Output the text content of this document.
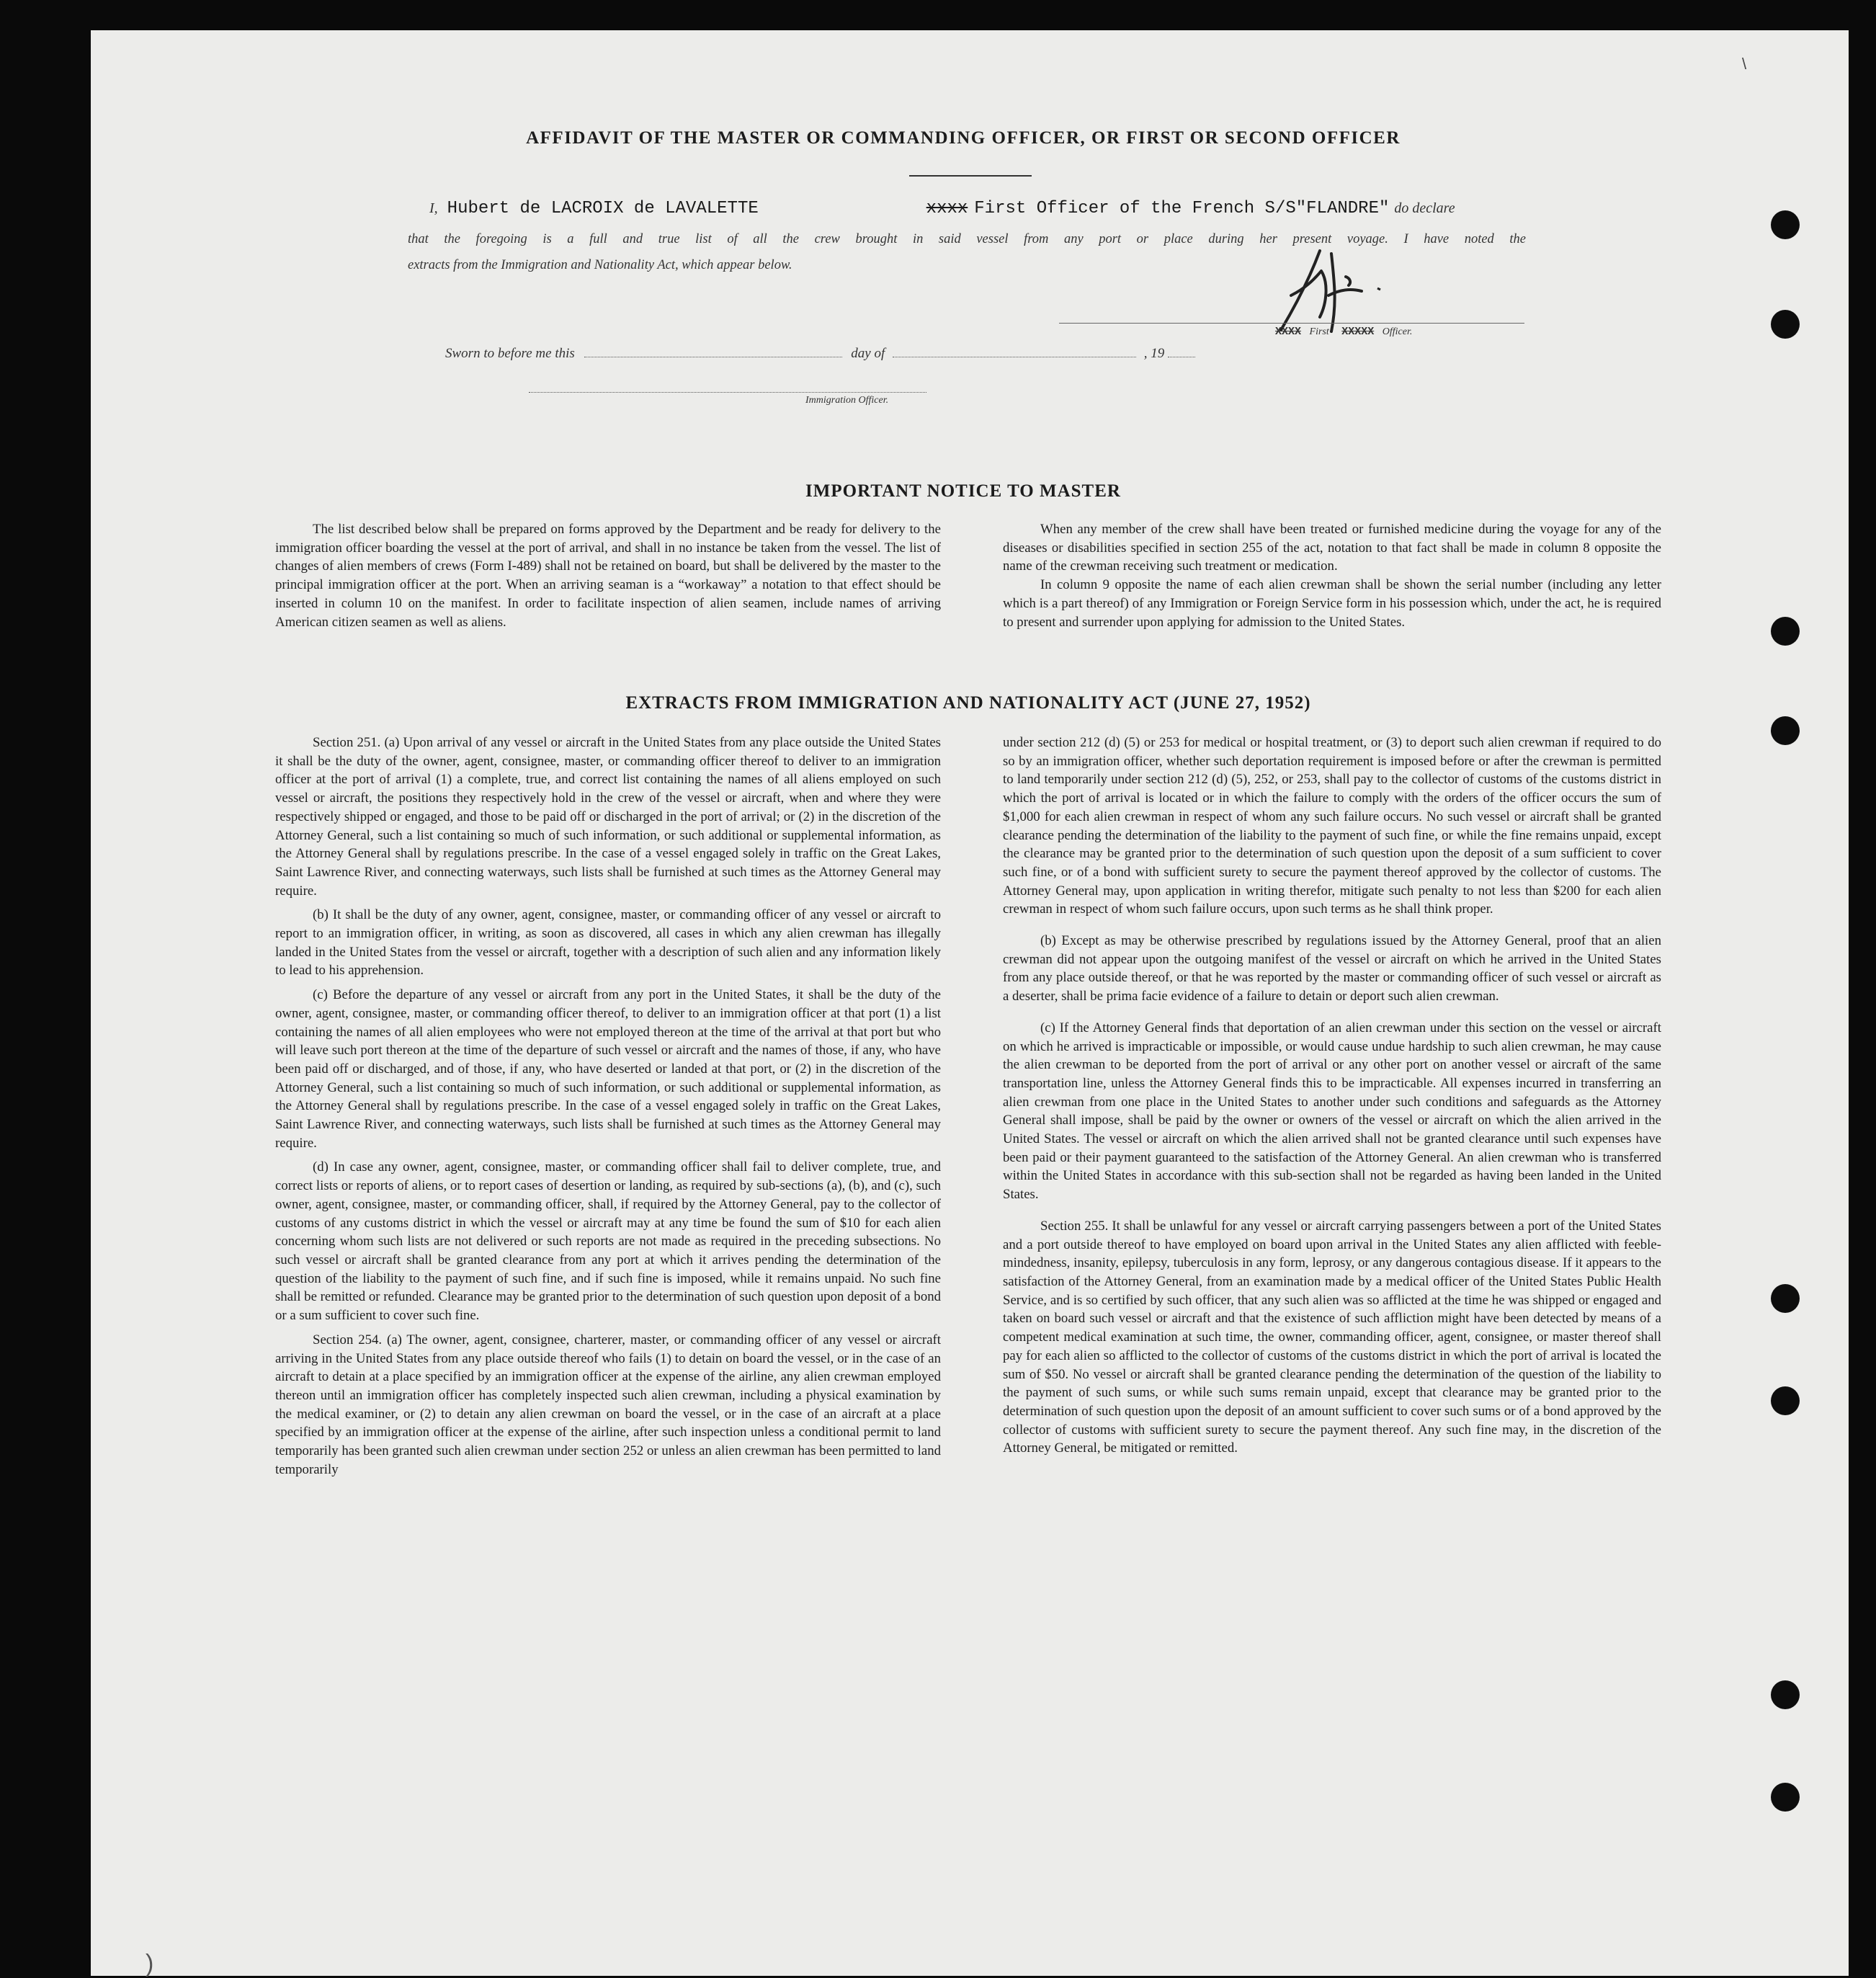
\
)
AFFIDAVIT OF THE MASTER OR COMMANDING OFFICER, OR FIRST OR SECOND OFFICER
I, Hubert de LACROIX de LAVALETTE	xxxx First Officer of the French S/S"FLANDRE" do declare
that the foregoing is a full and true list of all the crew brought in said vessel from any port or place during her present voyage. I have noted the
extracts from the Immigration and Nationality Act, which appear below.
XXXX First XXXXX Officer.
Sworn to before me this	day of	, 19
Immigration Officer.
IMPORTANT NOTICE TO MASTER

The list described below shall be prepared on forms approved by the Department and be ready for delivery to the immigration officer boarding the vessel at the port of arrival, and shall in no instance be taken from the vessel. The list of changes of alien members of crews (Form I-489) shall not be retained on board, but shall be delivered by the master to the principal immigration officer at the port. When an arriving seaman is a “workaway” a notation to that effect should be inserted in column 10 on the manifest. In order to facilitate inspection of alien seamen, include names of arriving American citizen seamen as well as aliens.

When any member of the crew shall have been treated or furnished medicine during the voyage for any of the diseases or disabilities specified in section 255 of the act, notation to that fact shall be made in column 8 opposite the name of the crewman receiving such treatment or medication.

In column 9 opposite the name of each alien crewman shall be shown the serial number (including any letter which is a part thereof) of any Immigration or Foreign Service form in his possession which, under the act, he is required to present and surrender upon applying for admission to the United States.

EXTRACTS FROM IMMIGRATION AND NATIONALITY ACT (JUNE 27, 1952)

Section 251. (a) Upon arrival of any vessel or aircraft in the United States from any place outside the United States it shall be the duty of the owner, agent, consignee, master, or commanding officer thereof to deliver to an immigration officer at the port of arrival (1) a complete, true, and correct list containing the names of all aliens employed on such vessel or aircraft, the positions they respectively hold in the crew of the vessel or aircraft, when and where they were respectively shipped or engaged, and those to be paid off or discharged in the port of arrival; or (2) in the discretion of the Attorney General, such a list containing so much of such information, or such additional or supplemental information, as the Attorney General shall by regulations prescribe. In the case of a vessel engaged solely in traffic on the Great Lakes, Saint Lawrence River, and connecting waterways, such lists shall be furnished at such times as the Attorney General may require.

(b) It shall be the duty of any owner, agent, consignee, master, or commanding officer of any vessel or aircraft to report to an immigration officer, in writing, as soon as discovered, all cases in which any alien crewman has illegally landed in the United States from the vessel or aircraft, together with a description of such alien and any information likely to lead to his apprehension.

(c) Before the departure of any vessel or aircraft from any port in the United States, it shall be the duty of the owner, agent, consignee, master, or commanding officer thereof, to deliver to an immigration officer at that port (1) a list containing the names of all alien employees who were not employed thereon at the time of the arrival at that port but who will leave such port thereon at the time of the departure of such vessel or aircraft and the names of those, if any, who have been paid off or discharged, and of those, if any, who have deserted or landed at that port, or (2) in the discretion of the Attorney General, such a list containing so much of such information, or such additional or supplemental information, as the Attorney General shall by regulations prescribe. In the case of a vessel engaged solely in traffic on the Great Lakes, Saint Lawrence River, and connecting waterways, such lists shall be furnished at such times as the Attorney General may require.

(d) In case any owner, agent, consignee, master, or commanding officer shall fail to deliver complete, true, and correct lists or reports of aliens, or to report cases of desertion or landing, as required by sub-sections (a), (b), and (c), such owner, agent, consignee, master, or commanding officer, shall, if required by the Attorney General, pay to the collector of customs of any customs district in which the vessel or aircraft may at any time be found the sum of $10 for each alien concerning whom such lists are not delivered or such reports are not made as required in the preceding subsections. No such vessel or aircraft shall be granted clearance from any port at which it arrives pending the determination of the question of the liability to the payment of such fine, and if such fine is imposed, while it remains unpaid. No such fine shall be remitted or refunded. Clearance may be granted prior to the determination of such question upon deposit of a bond or a sum sufficient to cover such fine.

Section 254. (a) The owner, agent, consignee, charterer, master, or commanding officer of any vessel or aircraft arriving in the United States from any place outside thereof who fails (1) to detain on board the vessel, or in the case of an aircraft to detain at a place specified by an immigration officer at the expense of the airline, any alien crewman employed thereon until an immigration officer has completely inspected such alien crewman, including a physical examination by the medical examiner, or (2) to detain any alien crewman on board the vessel, or in the case of an aircraft at a place specified by an immigration officer at the expense of the airline, after such inspection unless a conditional permit to land temporarily has been granted such alien crewman under section 252 or unless an alien crewman has been permitted to land temporarily

under section 212 (d) (5) or 253 for medical or hospital treatment, or (3) to deport such alien crewman if required to do so by an immigration officer, whether such deportation requirement is imposed before or after the crewman is permitted to land temporarily under section 212 (d) (5), 252, or 253, shall pay to the collector of customs of the customs district in which the port of arrival is located or in which the failure to comply with the orders of the officer occurs the sum of $1,000 for each alien crewman in respect of whom any such failure occurs. No such vessel or aircraft shall be granted clearance pending the determination of the liability to the payment of such fine, or while the fine remains unpaid, except the clearance may be granted prior to the determination of such question upon the deposit of a sum sufficient to cover such fine, or of a bond with sufficient surety to secure the payment thereof approved by the collector of customs. The Attorney General may, upon application in writing therefor, mitigate such penalty to not less than $200 for each alien crewman in respect of whom such failure occurs, upon such terms as he shall think proper.

(b) Except as may be otherwise prescribed by regulations issued by the Attorney General, proof that an alien crewman did not appear upon the outgoing manifest of the vessel or aircraft on which he arrived in the United States from any place outside thereof, or that he was reported by the master or commanding officer of such vessel or aircraft as a deserter, shall be prima facie evidence of a failure to detain or deport such alien crewman.

(c) If the Attorney General finds that deportation of an alien crewman under this section on the vessel or aircraft on which he arrived is impracticable or impossible, or would cause undue hardship to such alien crewman, he may cause the alien crewman to be deported from the port of arrival or any other port on another vessel or aircraft of the same transportation line, unless the Attorney General finds this to be impracticable. All expenses incurred in transferring an alien crewman from one place in the United States to another under such conditions and safeguards as the Attorney General shall impose, shall be paid by the owner or owners of the vessel or aircraft on which the alien arrived in the United States. The vessel or aircraft on which the alien arrived shall not be granted clearance until such expenses have been paid or their payment guaranteed to the satisfaction of the Attorney General. An alien crewman who is transferred within the United States in accordance with this sub-section shall not be regarded as having been landed in the United States.

Section 255. It shall be unlawful for any vessel or aircraft carrying passengers between a port of the United States and a port outside thereof to have employed on board upon arrival in the United States any alien afflicted with feeble-mindedness, insanity, epilepsy, tuberculosis in any form, leprosy, or any dangerous contagious disease. If it appears to the satisfaction of the Attorney General, from an examination made by a medical officer of the United States Public Health Service, and is so certified by such officer, that any such alien was so afflicted at the time he was shipped or engaged and taken on board such vessel or aircraft and that the existence of such affliction might have been detected by means of a competent medical examination at such time, the owner, commanding officer, agent, consignee, or master thereof shall pay for each alien so afflicted to the collector of customs of the customs district in which the port of arrival is located the sum of $50. No vessel or aircraft shall be granted clearance pending the determination of the question of the liability to the payment of such sums, or while such sums remain unpaid, except that clearance may be granted prior to the determination of such question upon the deposit of an amount sufficient to cover such sums or of a bond approved by the collector of customs with sufficient surety to secure the payment thereof. Any such fine may, in the discretion of the Attorney General, be mitigated or remitted.
